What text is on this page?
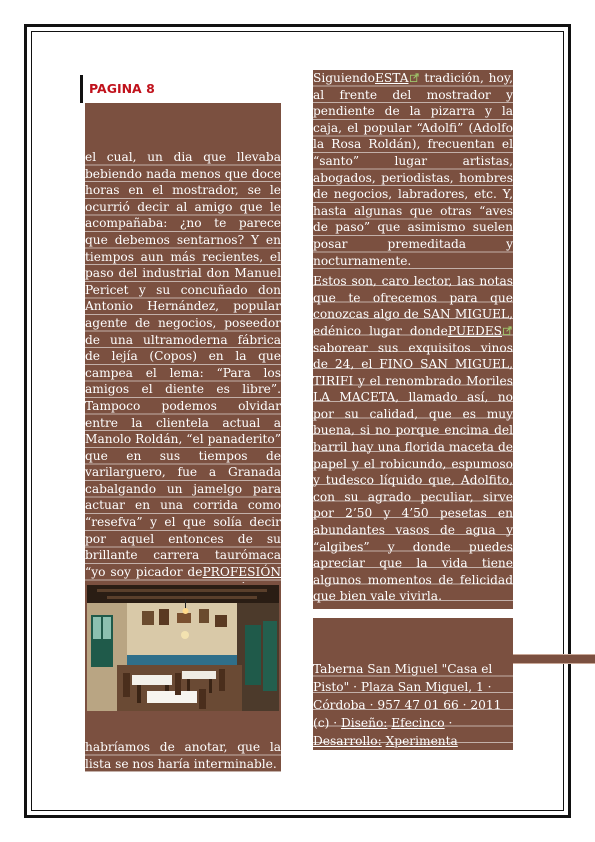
PAGINA 8

el cual, un dia que llevaba bebiendo nada menos que doce horas en el mostrador, se le ocurrió decir al amigo que le acompañaba: ¿no te parece que debemos sentarnos? Y en tiempos aun más recientes, el paso del industrial don Manuel Pericet y su concuñado don Antonio Hernández, popular agente de negocios, poseedor de una ultramoderna fábrica de lejía (Copos) en la que campea el lema: “Para los amigos el diente es libre”. Tampoco podemos olvidar entre la clientela actual a Manolo Roldán, “el panaderito” que en sus tiempos de varilarguero, fue a Granada cabalgando un jamelgo para actuar en una corrida como “resefva” y el que solía decir por aquel entonces de su brillante carrera taurómaca “yo soy picador dePROFESIÓN

habríamos de anotar, que la lista se nos haría interminable.

SiguiendoESTA tradición, hoy, al frente del mostrador y pendiente de la pizarra y la caja, el popular “Adolfi” (Adolfo la Rosa Roldán), frecuentan el “santo” lugar artistas, abogados, periodistas, hombres de negocios, labradores, etc. Y, hasta algunas que otras “aves de paso” que asimismo suelen posar premeditada y nocturnamente.

Estos son, caro lector, las notas que te ofrecemos para que conozcas algo de SAN MIGUEL, edénico lugar dondePUEDES saborear sus exquisitos vinos de 24, el FINO SAN MIGUEL, TIRIFI y el renombrado Moriles LA MACETA, llamado así, no por su calidad, que es muy buena, si no porque encima del barril hay una florida maceta de papel y el robicundo, espumoso y tudesco líquido que, Adolfito, con su agrado peculiar, sirve por 2’50 y 4’50 pesetas en abundantes vasos de agua y “algibes” y donde puedes apreciar que la vida tiene algunos momentos de felicidad que bien vale vivirla.

Taberna San Miguel "Casa el Pisto" · Plaza San Miguel, 1 · Córdoba · 957 47 01 66 · 2011 (c) · Diseño: Efecinco · Desarrollo: Xperimenta
